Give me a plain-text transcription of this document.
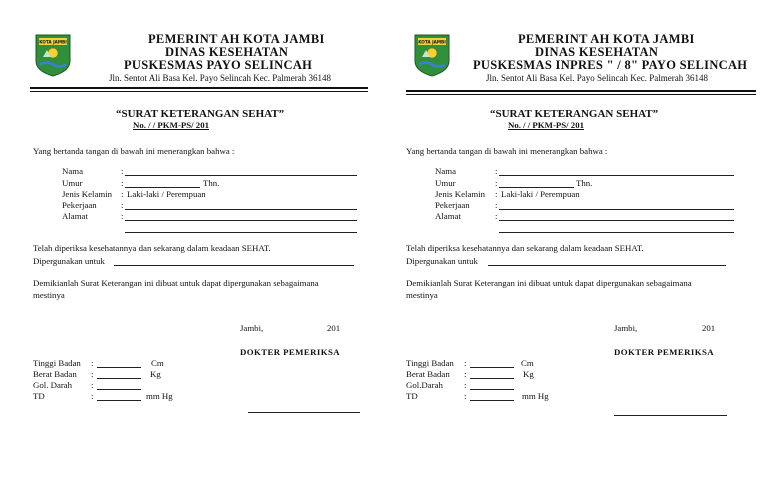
KOTA JAMBI	PEMERINT AH KOTA JAMBI
DINAS KESEHATAN
PUSKESMAS PAYO SELINCAH
Jln. Sentot Ali Basa Kel. Payo Selincah Kec. Palmerah 36148
“SURAT KETERANGAN SEHAT”
No. / / PKM-PS/ 201
Yang bertanda tangan di bawah ini menerangkan bahwa :
Nama	:
Umur	:	Thn.
Jenis Kelamin : Laki-laki / Perempuan
Pekerjaan	:
Alamat	:
Telah diperiksa kesehatannya dan sekarang dalam keadaan SEHAT.
Dipergunakan untuk
Demikianlah Surat Keterangan ini dibuat untuk dapat dipergunakan sebagaimana
mestinya
Jambi,	201
DOKTER PEMERIKSA
Tinggi Badan :	Cm
Berat Badan :	Kg
Gol. Darah :
TD	:	mm Hg
KOTA JAMBI	PEMERINT AH KOTA JAMBI
DINAS KESEHATAN
PUSKESMAS INPRES " / 8" PAYO SELINCAH
Jln. Sentot Ali Basa Kel. Payo Selincah Kec. Palmerah 36148
“SURAT KETERANGAN SEHAT”
No. / / PKM-PS/ 201
Yang bertanda tangan di bawah ini menerangkan bahwa :
Nama	:
Umur	:	Thn.
Jenis Kelamin : Laki-laki / Perempuan
Pekerjaan	:
Alamat	:
Telah diperiksa kesehatannya dan sekarang dalam keadaan SEHAT.
Dipergunakan untuk
Demikianlah Surat Keterangan ini dibuat untuk dapat dipergunakan sebagaimana
mestinya
Jambi,	201
DOKTER PEMERIKSA
Tinggi Badan :	Cm
Berat Badan :	Kg
Gol.Darah :
TD	:	mm Hg
